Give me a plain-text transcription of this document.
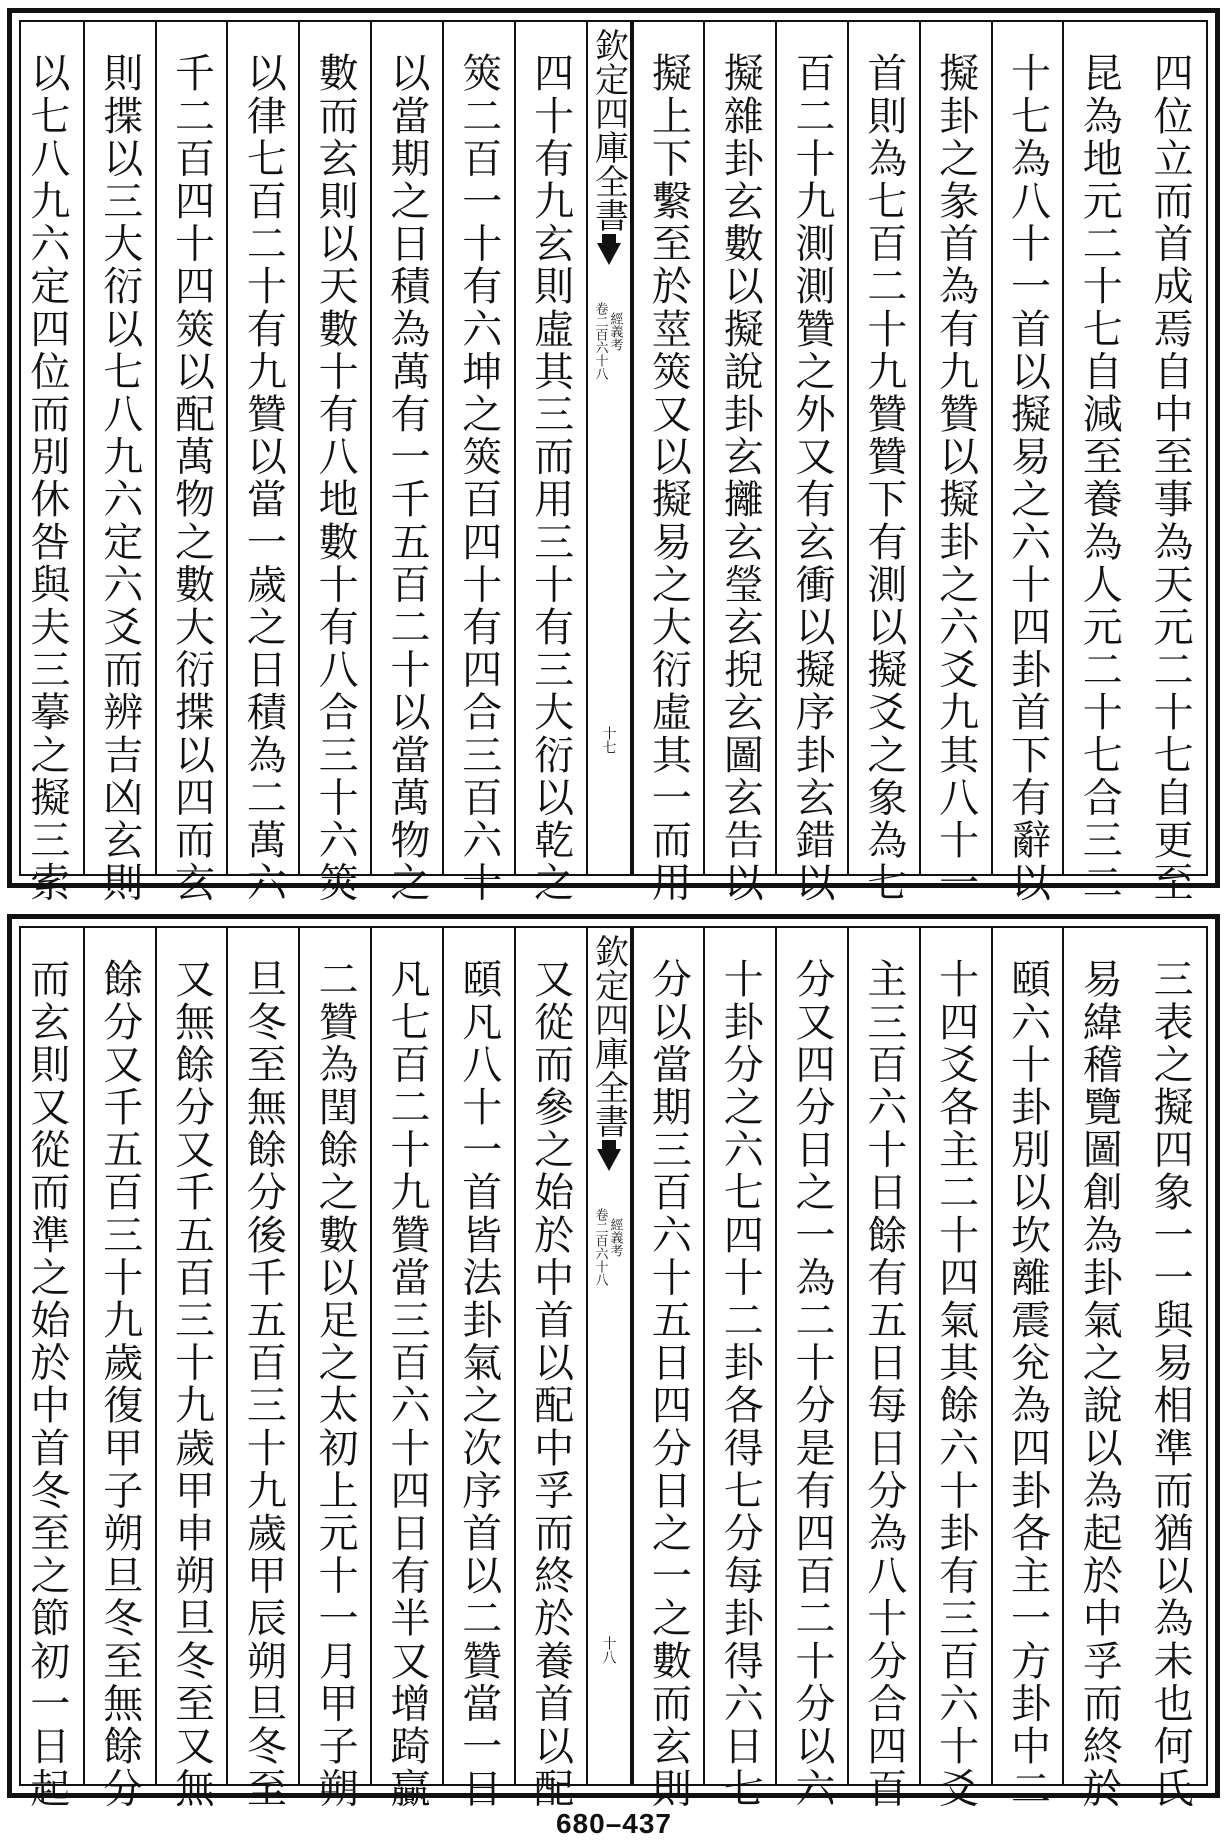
四位立而首成焉自中至事為天元二十七自更至
昆為地元二十七自減至養為人元二十七合三二
十七為八十一首以擬易之六十四卦首下有辭以
擬卦之彖首為有九贊以擬卦之六爻九其八十一
首則為七百二十九贊贊下有測以擬爻之象為七
百二十九測測贊之外又有玄衝以擬序卦玄錯以
擬雜卦玄數以擬說卦玄攡玄瑩玄掜玄圖玄告以
擬上下繫至於莖筴又以擬易之大衍虛其一而用
欽定四庫全書
經義考
卷二百六十八
十七
四十有九玄則虛其三而用三十有三大衍以乾之
筴二百一十有六坤之筴百四十有四合三百六十
以當期之日積為萬有一千五百二十以當萬物之
數而玄則以天數十有八地數十有八合三十六筴
以律七百二十有九贊以當一歲之日積為二萬六
千二百四十四筴以配萬物之數大衍揲以四而玄
則揲以三大衍以七八九六定六爻而辨吉凶玄則
以七八九六定四位而別休咎與夫三摹之擬三索
三表之擬四象一一與易相準而猶以為未也何氏
易緯稽覽圖創為卦氣之說以為起於中孚而終於
頤六十卦別以坎離震兊為四卦各主一方卦中二
十四爻各主二十四氣其餘六十卦有三百六十爻
主三百六十日餘有五日每日分為八十分合四百
分又四分日之一為二十分是有四百二十分以六
十卦分之六七四十二卦各得七分每卦得六日七
分以當期三百六十五日四分日之一之數而玄則
欽定四庫全書
經義考
卷二百六十八
十八
又從而參之始於中首以配中孚而終於養首以配
頤凡八十一首皆法卦氣之次序首以二贊當一日
凡七百二十九贊當三百六十四日有半又增踦贏
二贊為閏餘之數以足之太初上元十一月甲子朔
旦冬至無餘分後千五百三十九歲甲辰朔旦冬至
又無餘分又千五百三十九歲甲申朔旦冬至又無
餘分又千五百三十九歲復甲子朔旦冬至無餘分
而玄則又從而準之始於中首冬至之節初一日起
680–437
